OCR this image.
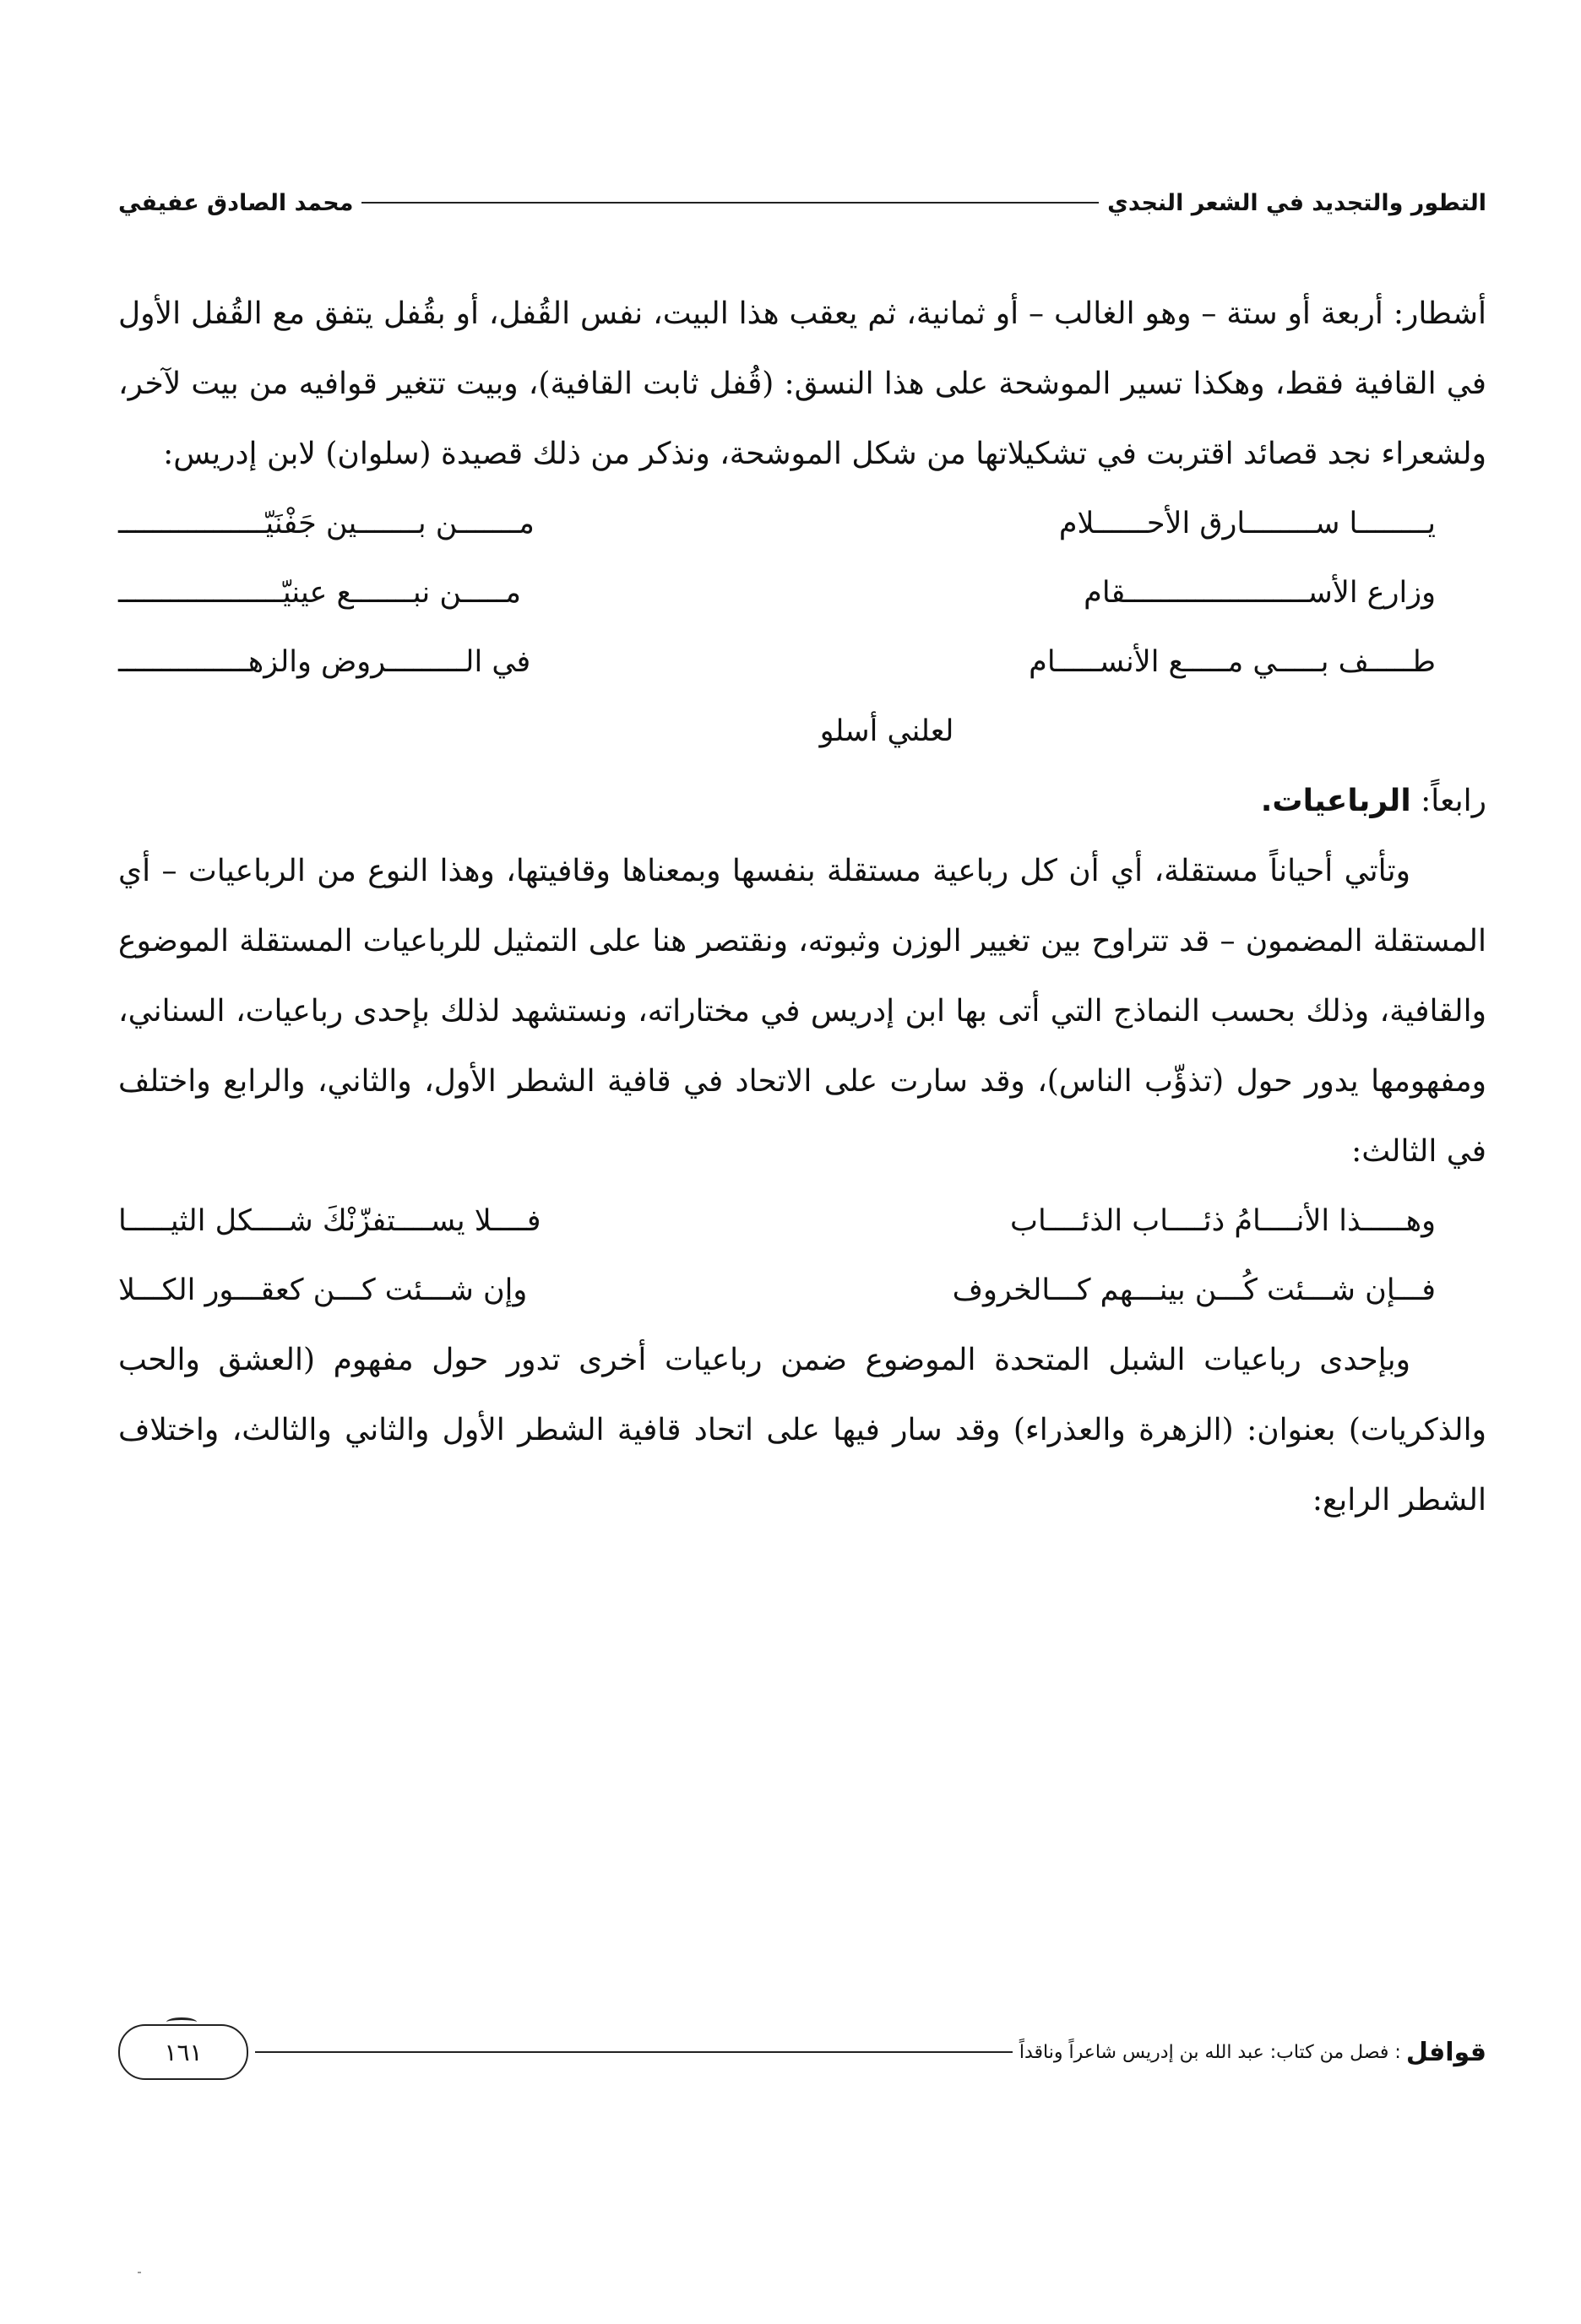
التطور والتجديد في الشعر النجدي
محمد الصادق عفيفي

أشطار: أربعة أو ستة – وهو الغالب – أو ثمانية، ثم يعقب هذا البيت، نفس القُفل، أو بقُفل يتفق مع القُفل الأول في القافية فقط، وهكذا تسير الموشحة على هذا النسق: (قُفل ثابت القافية)، وبيت تتغير قوافيه من بيت لآخر، ولشعراء نجد قصائد اقتربت في تشكيلاتها من شكل الموشحة، ونذكر من ذلك قصيدة (سلوان) لابن إدريس:

يــــــــا ســــــــارق الأحــــــلام
مـــــــن بـــــــين جَفْنَيّـــــــــــــــــ
وزارع الأســـــــــــــــــــــقام
مـــــن نبـــــــع عينيّـــــــــــــــــــ
طـــــف بـــــي مـــــع الأنســـــام
في الـــــــــروض والزهـــــــــــــــ
لعلني أسلو

رابعاً: الرباعيات.

وتأتي أحياناً مستقلة، أي أن كل رباعية مستقلة بنفسها وبمعناها وقافيتها، وهذا النوع من الرباعيات – أي المستقلة المضمون – قد تتراوح بين تغيير الوزن وثبوته، ونقتصر هنا على التمثيل للرباعيات المستقلة الموضوع والقافية، وذلك بحسب النماذج التي أتى بها ابن إدريس في مختاراته، ونستشهد لذلك بإحدى رباعيات، السناني، ومفهومها يدور حول (تذؤّب الناس)، وقد سارت على الاتحاد في قافية الشطر الأول، والثاني، والرابع واختلف في الثالث:

وهـــــذا الأنــــامُ ذئــــاب الذئــــاب
فــــلا يســــتفزّنْكَ شــــكل الثيـــــا
فـــإن شـــئت كُـــن بينـــهم كـــالخروف
وإن شـــئت كـــن كعقـــور الكـــلا

وبإحدى رباعيات الشبل المتحدة الموضوع ضمن رباعيات أخرى تدور حول مفهوم (العشق والحب والذكريات) بعنوان: (الزهرة والعذراء) وقد سار فيها على اتحاد قافية الشطر الأول والثاني والثالث، واختلاف الشطر الرابع:

قوافل
: فصل من كتاب: عبد الله بن إدريس شاعراً وناقداً
١٦١
